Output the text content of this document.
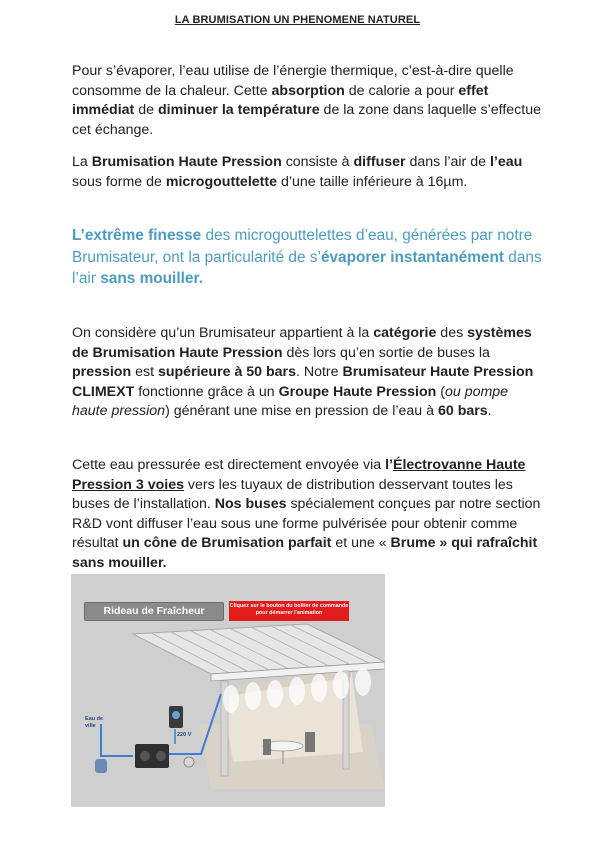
LA BRUMISATION UN PHENOMENE NATUREL
Pour s’évaporer, l’eau utilise de l’énergie thermique, c’est-à-dire quelle consomme de la chaleur. Cette absorption de calorie a pour effet immédiat de diminuer la température de la zone dans laquelle s’effectue cet échange.
La Brumisation Haute Pression consiste à diffuser dans l’air de l’eau sous forme de microgouttelette d’une taille inférieure à 16µm.
L’extrême finesse des microgouttelettes d’eau, générées par notre Brumisateur, ont la particularité de s’évaporer instantanément dans l’air sans mouiller.
On considère qu’un Brumisateur appartient à la catégorie des systèmes de Brumisation Haute Pression dès lors qu’en sortie de buses la pression est supérieure à 50 bars. Notre Brumisateur Haute Pression CLIMEXT fonctionne grâce à un Groupe Haute Pression (ou pompe haute pression) générant une mise en pression de l’eau à 60 bars.
Cette eau pressurée est directement envoyée via l’Électrovanne Haute Pression 3 voies vers les tuyaux de distribution desservant toutes les buses de l’installation. Nos buses spécialement conçues par notre section R&D vont diffuser l’eau sous une forme pulvérisée pour obtenir comme résultat un cône de Brumisation parfait et une « Brume » qui rafraîchit sans mouiller.
Rideau de Fraîcheur	Cliquez sur le bouton du boîtier de commande pour démarrer l'animation
Eau de ville
220 V
